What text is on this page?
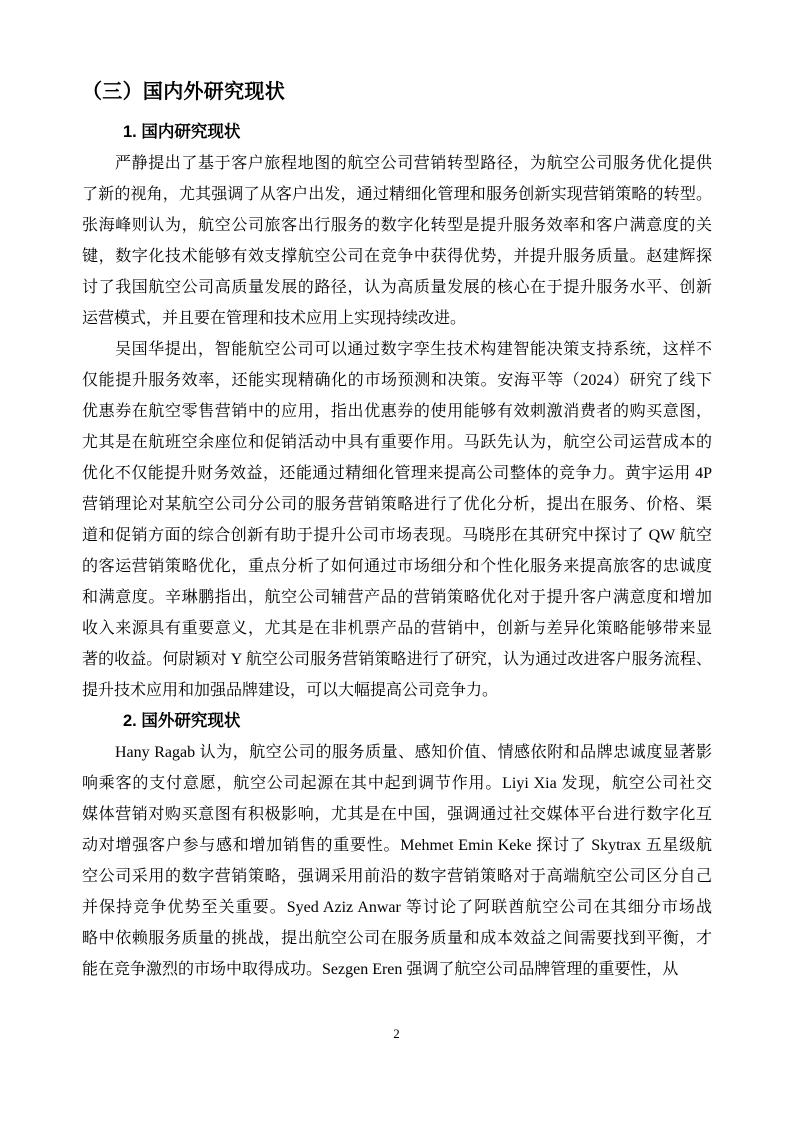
（三）国内外研究现状
1. 国内研究现状
严静提出了基于客户旅程地图的航空公司营销转型路径，为航空公司服务优化提供
了新的视角，尤其强调了从客户出发，通过精细化管理和服务创新实现营销策略的转型。
张海峰则认为，航空公司旅客出行服务的数字化转型是提升服务效率和客户满意度的关
键，数字化技术能够有效支撑航空公司在竞争中获得优势，并提升服务质量。赵建辉探
讨了我国航空公司高质量发展的路径，认为高质量发展的核心在于提升服务水平、创新
运营模式，并且要在管理和技术应用上实现持续改进。
吴国华提出，智能航空公司可以通过数字孪生技术构建智能决策支持系统，这样不
仅能提升服务效率，还能实现精确化的市场预测和决策。安海平等（2024）研究了线下
优惠券在航空零售营销中的应用，指出优惠券的使用能够有效刺激消费者的购买意图，
尤其是在航班空余座位和促销活动中具有重要作用。马跃先认为，航空公司运营成本的
优化不仅能提升财务效益，还能通过精细化管理来提高公司整体的竞争力。黄宇运用 4P
营销理论对某航空公司分公司的服务营销策略进行了优化分析，提出在服务、价格、渠
道和促销方面的综合创新有助于提升公司市场表现。马晓彤在其研究中探讨了 QW 航空
的客运营销策略优化，重点分析了如何通过市场细分和个性化服务来提高旅客的忠诚度
和满意度。辛琳鹏指出，航空公司辅营产品的营销策略优化对于提升客户满意度和增加
收入来源具有重要意义，尤其是在非机票产品的营销中，创新与差异化策略能够带来显
著的收益。何尉颖对 Y 航空公司服务营销策略进行了研究，认为通过改进客户服务流程、
提升技术应用和加强品牌建设，可以大幅提高公司竞争力。
2. 国外研究现状
Hany Ragab 认为，航空公司的服务质量、感知价值、情感依附和品牌忠诚度显著影
响乘客的支付意愿，航空公司起源在其中起到调节作用。Liyi Xia 发现，航空公司社交
媒体营销对购买意图有积极影响，尤其是在中国，强调通过社交媒体平台进行数字化互
动对增强客户参与感和增加销售的重要性。Mehmet Emin Keke 探讨了 Skytrax 五星级航
空公司采用的数字营销策略，强调采用前沿的数字营销策略对于高端航空公司区分自己
并保持竞争优势至关重要。Syed Aziz Anwar 等讨论了阿联酋航空公司在其细分市场战
略中依赖服务质量的挑战，提出航空公司在服务质量和成本效益之间需要找到平衡，才
能在竞争激烈的市场中取得成功。Sezgen Eren 强调了航空公司品牌管理的重要性，从
2
